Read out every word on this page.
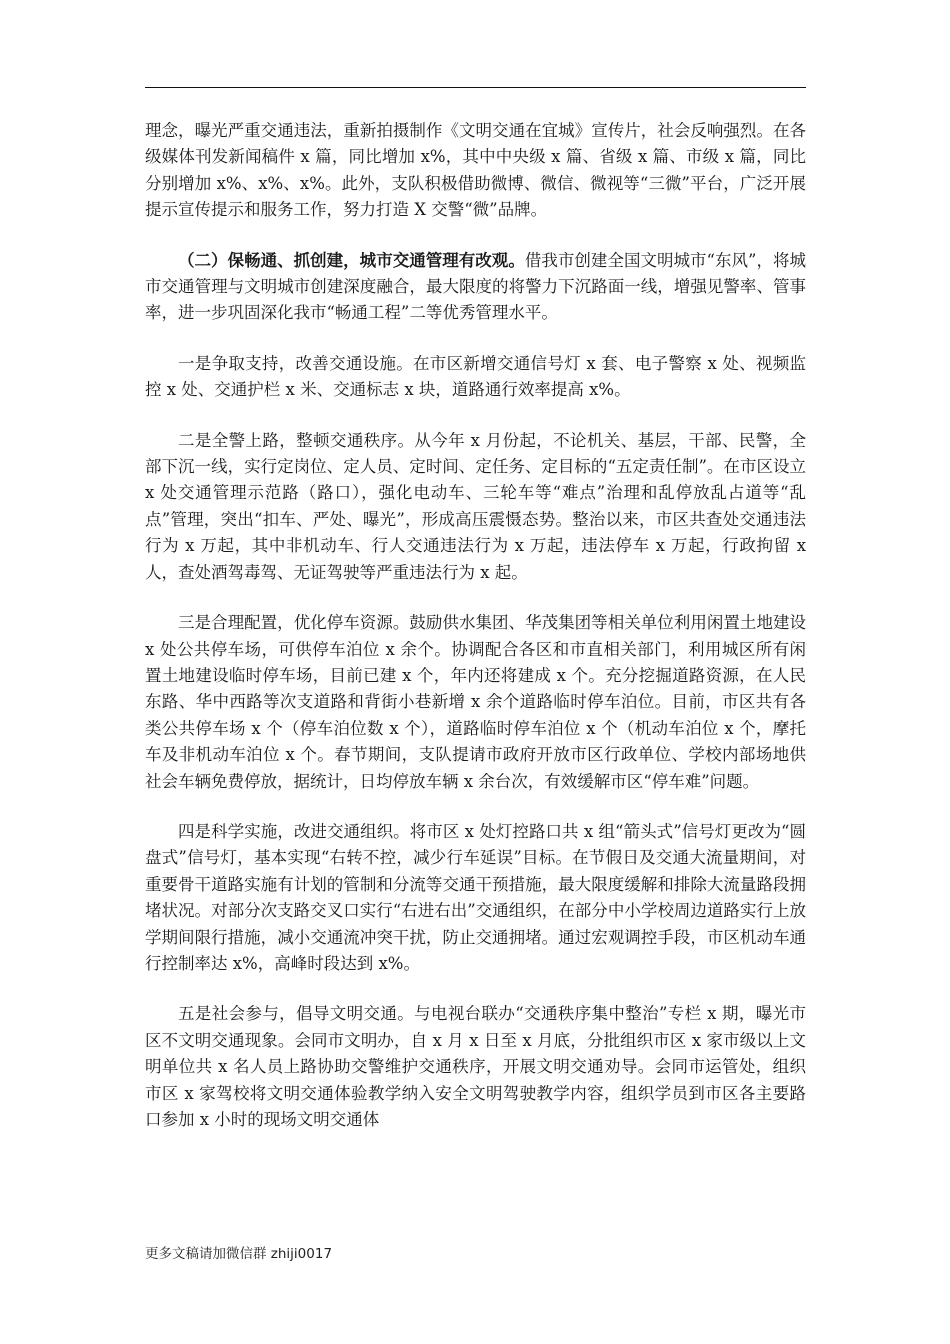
理念，曝光严重交通违法，重新拍摄制作《文明交通在宜城》宣传片，社会反响强烈。在各级媒体刊发新闻稿件 x 篇，同比增加 x%，其中中央级 x 篇、省级 x 篇、市级 x 篇，同比分别增加 x%、x%、x%。此外，支队积极借助微博、微信、微视等“三微”平台，广泛开展提示宣传提示和服务工作，努力打造 X 交警“微”品牌。

（二）保畅通、抓创建，城市交通管理有改观。借我市创建全国文明城市“东风”，将城市交通管理与文明城市创建深度融合，最大限度的将警力下沉路面一线，增强见警率、管事率，进一步巩固深化我市“畅通工程”二等优秀管理水平。

一是争取支持，改善交通设施。在市区新增交通信号灯 x 套、电子警察 x 处、视频监控 x 处、交通护栏 x 米、交通标志 x 块，道路通行效率提高 x%。

二是全警上路，整顿交通秩序。从今年 x 月份起，不论机关、基层，干部、民警，全部下沉一线，实行定岗位、定人员、定时间、定任务、定目标的“五定责任制”。在市区设立 x 处交通管理示范路（路口），强化电动车、三轮车等“难点”治理和乱停放乱占道等“乱点”管理，突出“扣车、严处、曝光”，形成高压震慑态势。整治以来，市区共查处交通违法行为 x 万起，其中非机动车、行人交通违法行为 x 万起，违法停车 x 万起，行政拘留 x 人，查处酒驾毒驾、无证驾驶等严重违法行为 x 起。

三是合理配置，优化停车资源。鼓励供水集团、华茂集团等相关单位利用闲置土地建设 x 处公共停车场，可供停车泊位 x 余个。协调配合各区和市直相关部门，利用城区所有闲置土地建设临时停车场，目前已建 x 个，年内还将建成 x 个。充分挖掘道路资源，在人民东路、华中西路等次支道路和背街小巷新增 x 余个道路临时停车泊位。目前，市区共有各类公共停车场 x 个（停车泊位数 x 个），道路临时停车泊位 x 个（机动车泊位 x 个，摩托车及非机动车泊位 x 个。春节期间，支队提请市政府开放市区行政单位、学校内部场地供社会车辆免费停放，据统计，日均停放车辆 x 余台次，有效缓解市区“停车难”问题。

四是科学实施，改进交通组织。将市区 x 处灯控路口共 x 组“箭头式”信号灯更改为“圆盘式”信号灯，基本实现“右转不控，减少行车延误”目标。在节假日及交通大流量期间，对重要骨干道路实施有计划的管制和分流等交通干预措施，最大限度缓解和排除大流量路段拥堵状况。对部分次支路交叉口实行“右进右出”交通组织，在部分中小学校周边道路实行上放学期间限行措施，减小交通流冲突干扰，防止交通拥堵。通过宏观调控手段，市区机动车通行控制率达 x%，高峰时段达到 x%。

五是社会参与，倡导文明交通。与电视台联办“交通秩序集中整治”专栏 x 期，曝光市区不文明交通现象。会同市文明办，自 x 月 x 日至 x 月底，分批组织市区 x 家市级以上文明单位共 x 名人员上路协助交警维护交通秩序，开展文明交通劝导。会同市运管处，组织市区 x 家驾校将文明交通体验教学纳入安全文明驾驶教学内容，组织学员到市区各主要路口参加 x 小时的现场文明交通体

更多文稿请加微信群 zhiji0017
